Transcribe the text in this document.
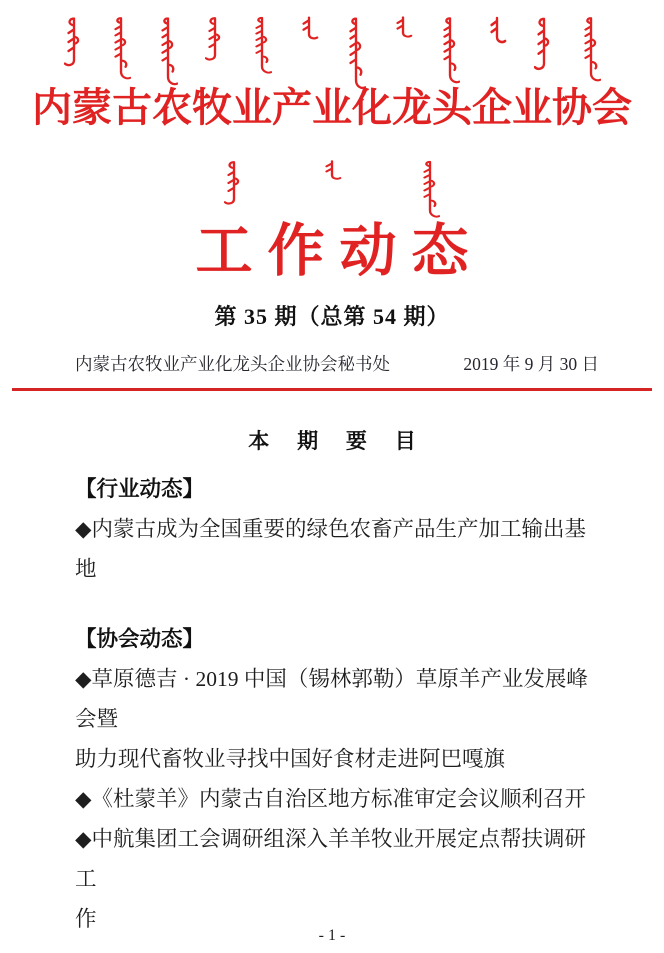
内蒙古农牧业产业化龙头企业协会
工作动态
第 35 期（总第 54 期）
内蒙古农牧业产业化龙头企业协会秘书处	2019 年 9 月 30 日
本 期 要 目
【行业动态】
◆内蒙古成为全国重要的绿色农畜产品生产加工输出基地
【协会动态】
◆草原德吉 · 2019 中国（锡林郭勒）草原羊产业发展峰会暨
助力现代畜牧业寻找中国好食材走进阿巴嘎旗
◆《杜蒙羊》内蒙古自治区地方标准审定会议顺利召开
◆中航集团工会调研组深入羊羊牧业开展定点帮扶调研工
作
- 1 -
